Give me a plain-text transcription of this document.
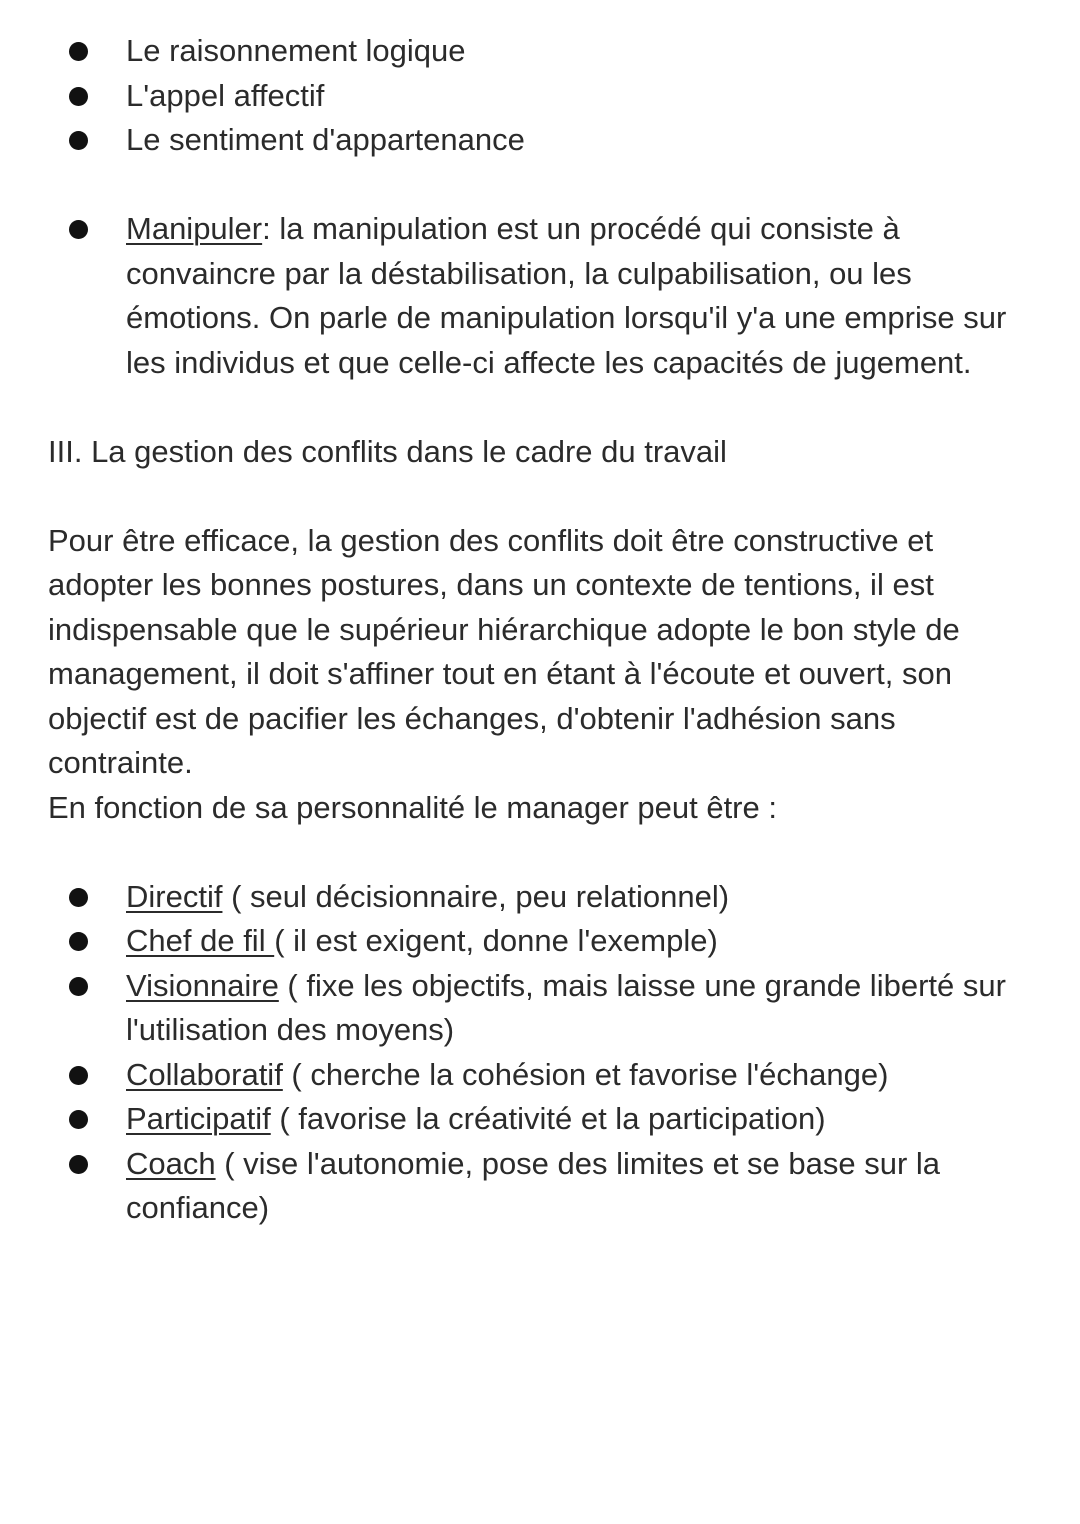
Le raisonnement logique
L'appel affectif
Le sentiment d'appartenance
Manipuler: la manipulation est un procédé qui consiste à convaincre par la déstabilisation, la culpabilisation, ou les émotions. On parle de manipulation lorsqu'il y'a une emprise sur les individus et que celle-ci affecte les capacités de jugement.

III. La gestion des conflits dans le cadre du travail

Pour être efficace, la gestion des conflits doit être constructive et adopter les bonnes postures, dans un contexte de tentions, il est indispensable que le supérieur hiérarchique adopte le bon style de management, il doit s'affiner tout en étant à l'écoute et ouvert, son objectif est de pacifier les échanges, d'obtenir l'adhésion sans contrainte.

En fonction de sa personnalité le manager peut être :

Directif ( seul décisionnaire, peu relationnel)
Chef de fil ( il est exigent, donne l'exemple)
Visionnaire ( fixe les objectifs, mais laisse une grande liberté sur l'utilisation des moyens)
Collaboratif ( cherche la cohésion et favorise l'échange)
Participatif ( favorise la créativité et la participation)
Coach ( vise l'autonomie, pose des limites et se base sur la confiance)
